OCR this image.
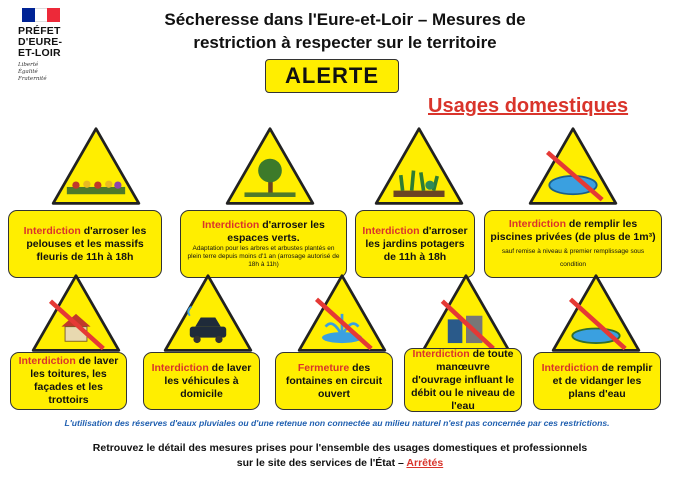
PRÉFET
D'EURE-
ET-LOIR
Liberté
Égalité
Fraternité
Sécheresse dans l'Eure-et-Loir – Mesures de
restriction à respecter sur le territoire
ALERTE
Usages domestiques
Interdiction d'arroser les pelouses et les massifs fleuris de 11h à 18h
Interdiction d'arroser les espaces verts.
Adaptation pour les arbres et arbustes plantés en plein terre depuis moins d'1 an (arrosage autorisé de 18h à 11h)
Interdiction d'arroser les jardins potagers de 11h à 18h
Interdiction de remplir les piscines privées (de plus de 1m³) sauf remise à niveau & premier remplissage sous condition
Interdiction de laver les toitures, les façades et les trottoirs
Interdiction de laver les véhicules à domicile
Fermeture des fontaines en circuit ouvert
Interdiction de toute manœuvre d'ouvrage influant le débit ou le niveau de l'eau
Interdiction de remplir et de vidanger les plans d'eau
L'utilisation des réserves d'eaux pluviales ou d'une retenue non connectée au milieu naturel n'est pas concernée par ces restrictions.
Retrouvez le détail des mesures prises pour l'ensemble des usages domestiques et professionnels
sur le site des services de l'État – Arrêtés
